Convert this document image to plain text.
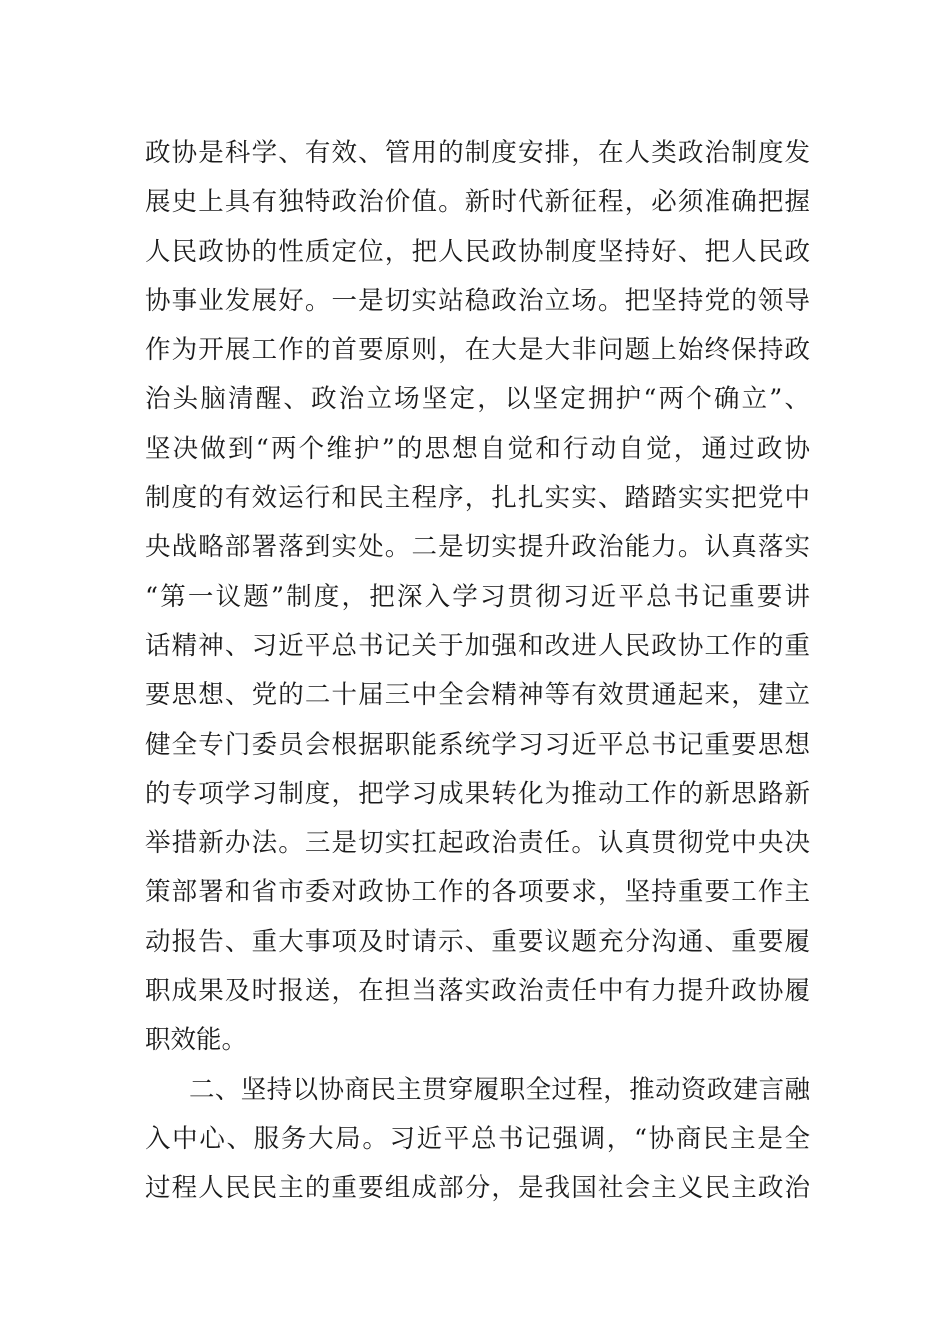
政协是科学、有效、管用的制度安排，在人类政治制度发
展史上具有独特政治价值。新时代新征程，必须准确把握
人民政协的性质定位，把人民政协制度坚持好、把人民政
协事业发展好。一是切实站稳政治立场。把坚持党的领导
作为开展工作的首要原则，在大是大非问题上始终保持政
治头脑清醒、政治立场坚定，以坚定拥护“两个确立”、
坚决做到“两个维护”的思想自觉和行动自觉，通过政协
制度的有效运行和民主程序，扎扎实实、踏踏实实把党中
央战略部署落到实处。二是切实提升政治能力。认真落实
“第一议题”制度，把深入学习贯彻习近平总书记重要讲
话精神、习近平总书记关于加强和改进人民政协工作的重
要思想、党的二十届三中全会精神等有效贯通起来，建立
健全专门委员会根据职能系统学习习近平总书记重要思想
的专项学习制度，把学习成果转化为推动工作的新思路新
举措新办法。三是切实扛起政治责任。认真贯彻党中央决
策部署和省市委对政协工作的各项要求，坚持重要工作主
动报告、重大事项及时请示、重要议题充分沟通、重要履
职成果及时报送，在担当落实政治责任中有力提升政协履
职效能。
二、坚持以协商民主贯穿履职全过程，推动资政建言融
入中心、服务大局。习近平总书记强调，“协商民主是全
过程人民民主的重要组成部分，是我国社会主义民主政治
